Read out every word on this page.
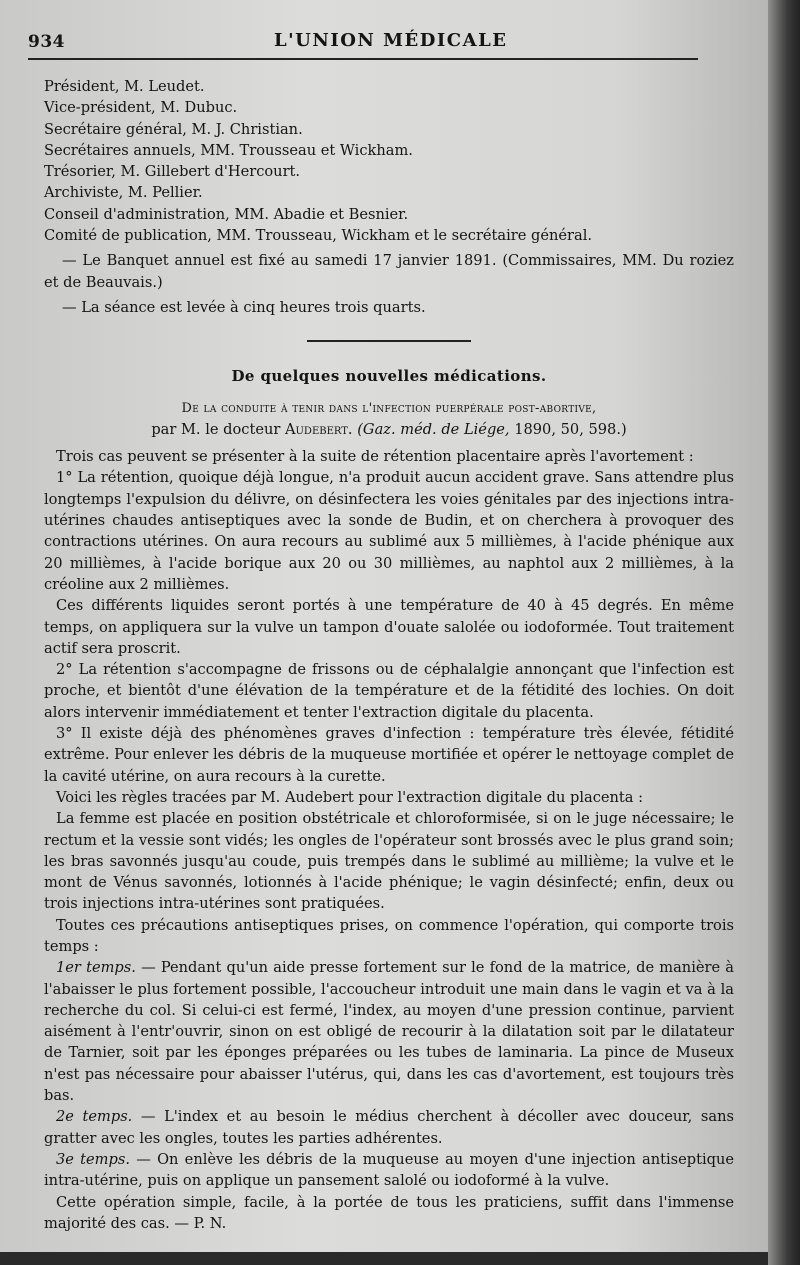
934	L'UNION MÉDICALE

Président, M. Leudet.

Vice-président, M. Dubuc.

Secrétaire général, M. J. Christian.

Secrétaires annuels, MM. Trousseau et Wickham.

Trésorier, M. Gillebert d'Hercourt.

Archiviste, M. Pellier.

Conseil d'administration, MM. Abadie et Besnier.

Comité de publication, MM. Trousseau, Wickham et le secrétaire général.

— Le Banquet annuel est fixé au samedi 17 janvier 1891. (Commissaires, MM. Du roziez et de Beauvais.)

— La séance est levée à cinq heures trois quarts.

De quelques nouvelles médications.

De la conduite à tenir dans l'infection puerpérale post-abortive,

par M. le docteur Audebert. (Gaz. méd. de Liége, 1890, 50, 598.)

Trois cas peuvent se présenter à la suite de rétention placentaire après l'avortement :

1° La rétention, quoique déjà longue, n'a produit aucun accident grave. Sans attendre plus longtemps l'expulsion du délivre, on désinfectera les voies génitales par des injections intra-utérines chaudes antiseptiques avec la sonde de Budin, et on cherchera à provoquer des contractions utérines. On aura recours au sublimé aux 5 millièmes, à l'acide phénique aux 20 millièmes, à l'acide borique aux 20 ou 30 millièmes, au naphtol aux 2 millièmes, à la créoline aux 2 millièmes.

Ces différents liquides seront portés à une température de 40 à 45 degrés. En même temps, on appliquera sur la vulve un tampon d'ouate salolée ou iodoformée. Tout traitement actif sera proscrit.

2° La rétention s'accompagne de frissons ou de céphalalgie annonçant que l'infection est proche, et bientôt d'une élévation de la température et de la fétidité des lochies. On doit alors intervenir immédiatement et tenter l'extraction digitale du placenta.

3° Il existe déjà des phénomènes graves d'infection : température très élevée, fétidité extrême. Pour enlever les débris de la muqueuse mortifiée et opérer le nettoyage complet de la cavité utérine, on aura recours à la curette.

Voici les règles tracées par M. Audebert pour l'extraction digitale du placenta :

La femme est placée en position obstétricale et chloroformisée, si on le juge nécessaire; le rectum et la vessie sont vidés; les ongles de l'opérateur sont brossés avec le plus grand soin; les bras savonnés jusqu'au coude, puis trempés dans le sublimé au millième; la vulve et le mont de Vénus savonnés, lotionnés à l'acide phénique; le vagin désinfecté; enfin, deux ou trois injections intra-utérines sont pratiquées.

Toutes ces précautions antiseptiques prises, on commence l'opération, qui comporte trois temps :

1er temps. — Pendant qu'un aide presse fortement sur le fond de la matrice, de manière à l'abaisser le plus fortement possible, l'accoucheur introduit une main dans le vagin et va à la recherche du col. Si celui-ci est fermé, l'index, au moyen d'une pression continue, parvient aisément à l'entr'ouvrir, sinon on est obligé de recourir à la dilatation soit par le dilatateur de Tarnier, soit par les éponges préparées ou les tubes de laminaria. La pince de Museux n'est pas nécessaire pour abaisser l'utérus, qui, dans les cas d'avortement, est toujours très bas.

2e temps. — L'index et au besoin le médius cherchent à décoller avec douceur, sans gratter avec les ongles, toutes les parties adhérentes.

3e temps. — On enlève les débris de la muqueuse au moyen d'une injection antiseptique intra-utérine, puis on applique un pansement salolé ou iodoformé à la vulve.

Cette opération simple, facile, à la portée de tous les praticiens, suffit dans l'immense majorité des cas. — P. N.
